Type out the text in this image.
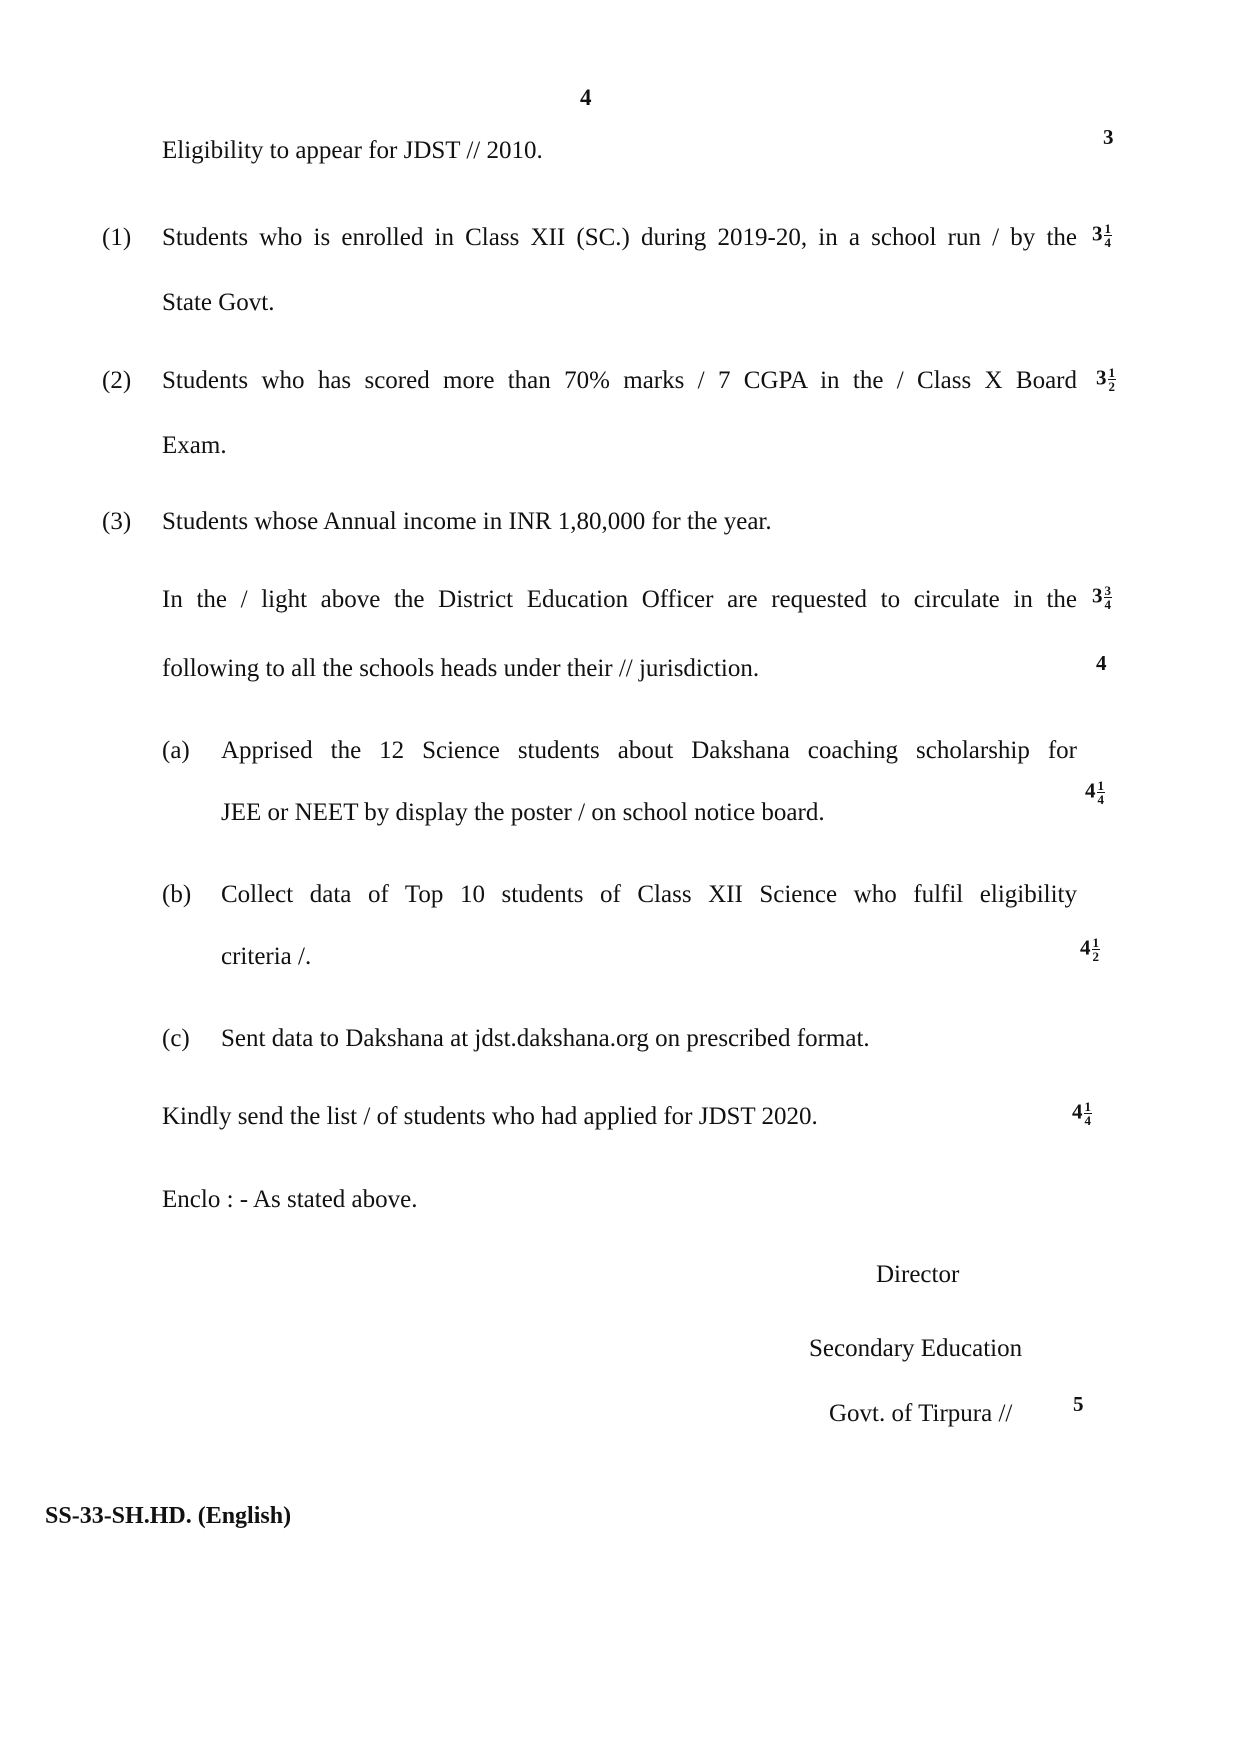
4
Eligibility to appear for JDST // 2010.	3
(1) Students who is enrolled in Class XII (SC.) during 2019-20, in a school run / by the
State Govt.
$3 \frac{1}{4}$
(2) Students who has scored more than 70% marks / 7 CGPA in the / Class X Board
Exam.
$3 \frac{1}{2}$
(3) Students whose Annual income in INR 1,80,000 for the year.
In the / light above the District Education Officer are requested to circulate in the
following to all the schools heads under their // jurisdiction.
$3 \frac{3}{4}$
4
(a) Apprised the 12 Science students about Dakshana coaching scholarship for
JEE or NEET by display the poster / on school notice board.
$4 \frac{1}{4}$
(b) Collect data of Top 10 students of Class XII Science who fulfil eligibility
criteria /.	$4 \frac{1}{2}$
(c) Sent data to Dakshana at jdst.dakshana.org on prescribed format.
Kindly send the list / of students who had applied for JDST 2020.	$4 \frac{1}{4}$
Enclo : - As stated above.
Director
Secondary Education
Govt. of Tirpura //	5
SS-33-SH.HD. (English)
